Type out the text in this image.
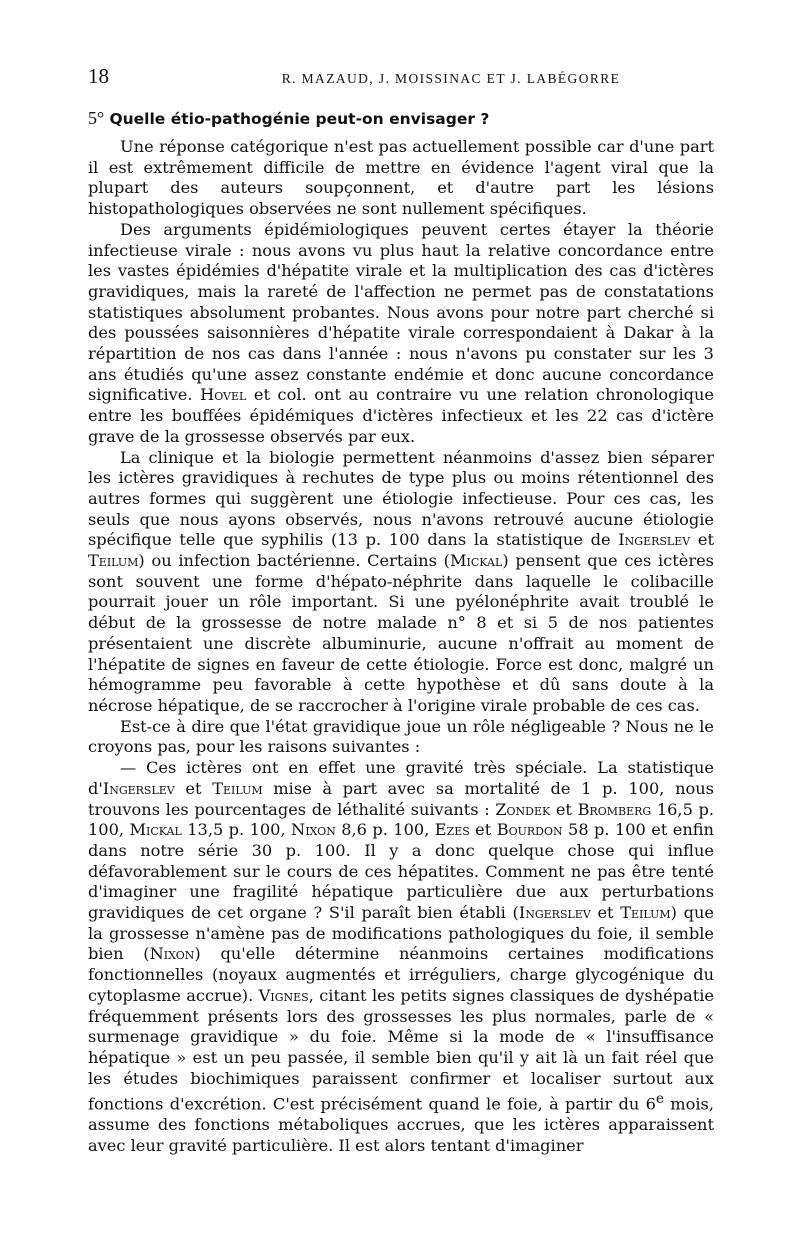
18	R. MAZAUD, J. MOISSINAC ET J. LABÉGORRE
5° Quelle étio-pathogénie peut-on envisager ?

Une réponse catégorique n'est pas actuellement possible car d'une part il est extrêmement difficile de mettre en évidence l'agent viral que la plupart des auteurs soupçonnent, et d'autre part les lésions histopathologiques observées ne sont nullement spécifiques.

Des arguments épidémiologiques peuvent certes étayer la théorie infectieuse virale : nous avons vu plus haut la relative concordance entre les vastes épidémies d'hépatite virale et la multiplication des cas d'ictères gravidiques, mais la rareté de l'affection ne permet pas de constatations statistiques absolument probantes. Nous avons pour notre part cherché si des poussées saisonnières d'hépatite virale correspondaient à Dakar à la répartition de nos cas dans l'année : nous n'avons pu constater sur les 3 ans étudiés qu'une assez constante endémie et donc aucune concordance significative. Hovel et col. ont au contraire vu une relation chronologique entre les bouffées épidémiques d'ictères infectieux et les 22 cas d'ictère grave de la grossesse observés par eux.

La clinique et la biologie permettent néanmoins d'assez bien séparer les ictères gravidiques à rechutes de type plus ou moins rétentionnel des autres formes qui suggèrent une étiologie infectieuse. Pour ces cas, les seuls que nous ayons observés, nous n'avons retrouvé aucune étiologie spécifique telle que syphilis (13 p. 100 dans la statistique de Ingerslev et Teilum) ou infection bactérienne. Certains (Mickal) pensent que ces ictères sont souvent une forme d'hépato-néphrite dans laquelle le colibacille pourrait jouer un rôle important. Si une pyélonéphrite avait troublé le début de la grossesse de notre malade n° 8 et si 5 de nos patientes présentaient une discrète albuminurie, aucune n'offrait au moment de l'hépatite de signes en faveur de cette étiologie. Force est donc, malgré un hémogramme peu favorable à cette hypothèse et dû sans doute à la nécrose hépatique, de se raccrocher à l'origine virale probable de ces cas.

Est-ce à dire que l'état gravidique joue un rôle négligeable ? Nous ne le croyons pas, pour les raisons suivantes :

— Ces ictères ont en effet une gravité très spéciale. La statistique d'Ingerslev et Teilum mise à part avec sa mortalité de 1 p. 100, nous trouvons les pourcentages de léthalité suivants : Zondek et Bromberg 16,5 p. 100, Mickal 13,5 p. 100, Nixon 8,6 p. 100, Ezes et Bourdon 58 p. 100 et enfin dans notre série 30 p. 100. Il y a donc quelque chose qui influe défavorablement sur le cours de ces hépatites. Comment ne pas être tenté d'imaginer une fragilité hépatique particulière due aux perturbations gravidiques de cet organe ? S'il paraît bien établi (Ingerslev et Teilum) que la grossesse n'amène pas de modifications pathologiques du foie, il semble bien (Nixon) qu'elle détermine néanmoins certaines modifications fonctionnelles (noyaux augmentés et irréguliers, charge glycogénique du cytoplasme accrue). Vignes, citant les petits signes classiques de dyshépatie fréquemment présents lors des grossesses les plus normales, parle de « surmenage gravidique » du foie. Même si la mode de « l'insuffisance hépatique » est un peu passée, il semble bien qu'il y ait là un fait réel que les études biochimiques paraissent confirmer et localiser surtout aux fonctions d'excrétion. C'est précisément quand le foie, à partir du 6e mois, assume des fonctions métaboliques accrues, que les ictères apparaissent avec leur gravité particulière. Il est alors tentant d'imaginer
